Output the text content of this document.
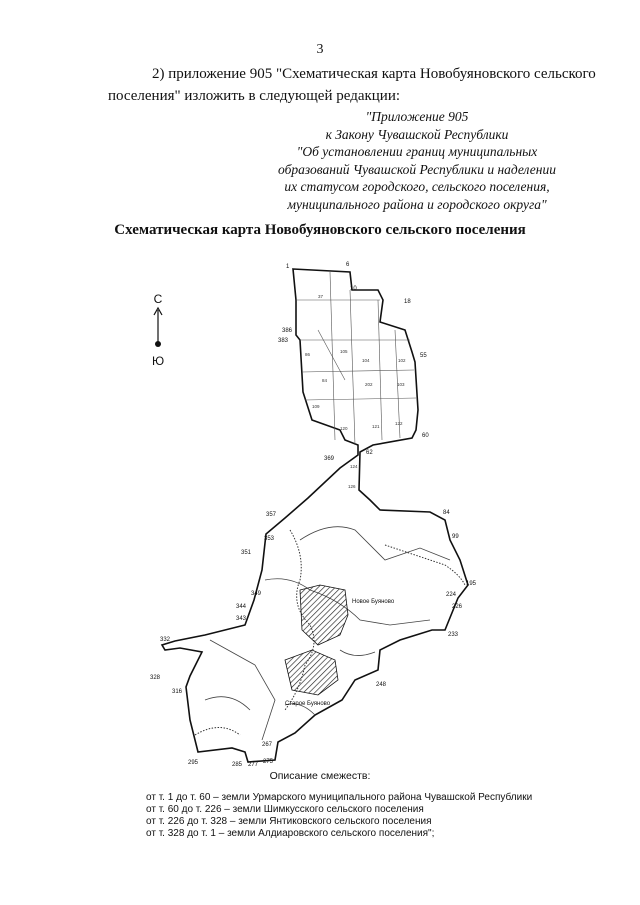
3
2) приложение 905 "Схематическая карта Новобуяновского сельского
поселения" изложить в следующей редакции:
"Приложение 905
к Закону Чувашской Республики
"Об установлении границ муниципальных
образований Чувашской Республики и наделении
их статусом городского, сельского поселения,
муниципального района и городского округа"
Схематическая карта Новобуяновского сельского поселения
С
Ю
Новое Буяново
Старое Буяново
37
86
105
84
104	102
202	103
120	121
122
109
124
126
1	6
10
18
386
383
55
60
62
369
84
99
357
353
351
195
224
226
349
344
343
233
332
328
316
248
267
295	285 277 275
Описание смежеств:
от т. 1 до т. 60 – земли Урмарского муниципального района Чувашской Республики
от т. 60 до т. 226 – земли Шимкусского сельского поселения
от т. 226 до т. 328 – земли Янтиковского сельского поселения
от т. 328 до т. 1 – земли Алдиаровского сельского поселения";
